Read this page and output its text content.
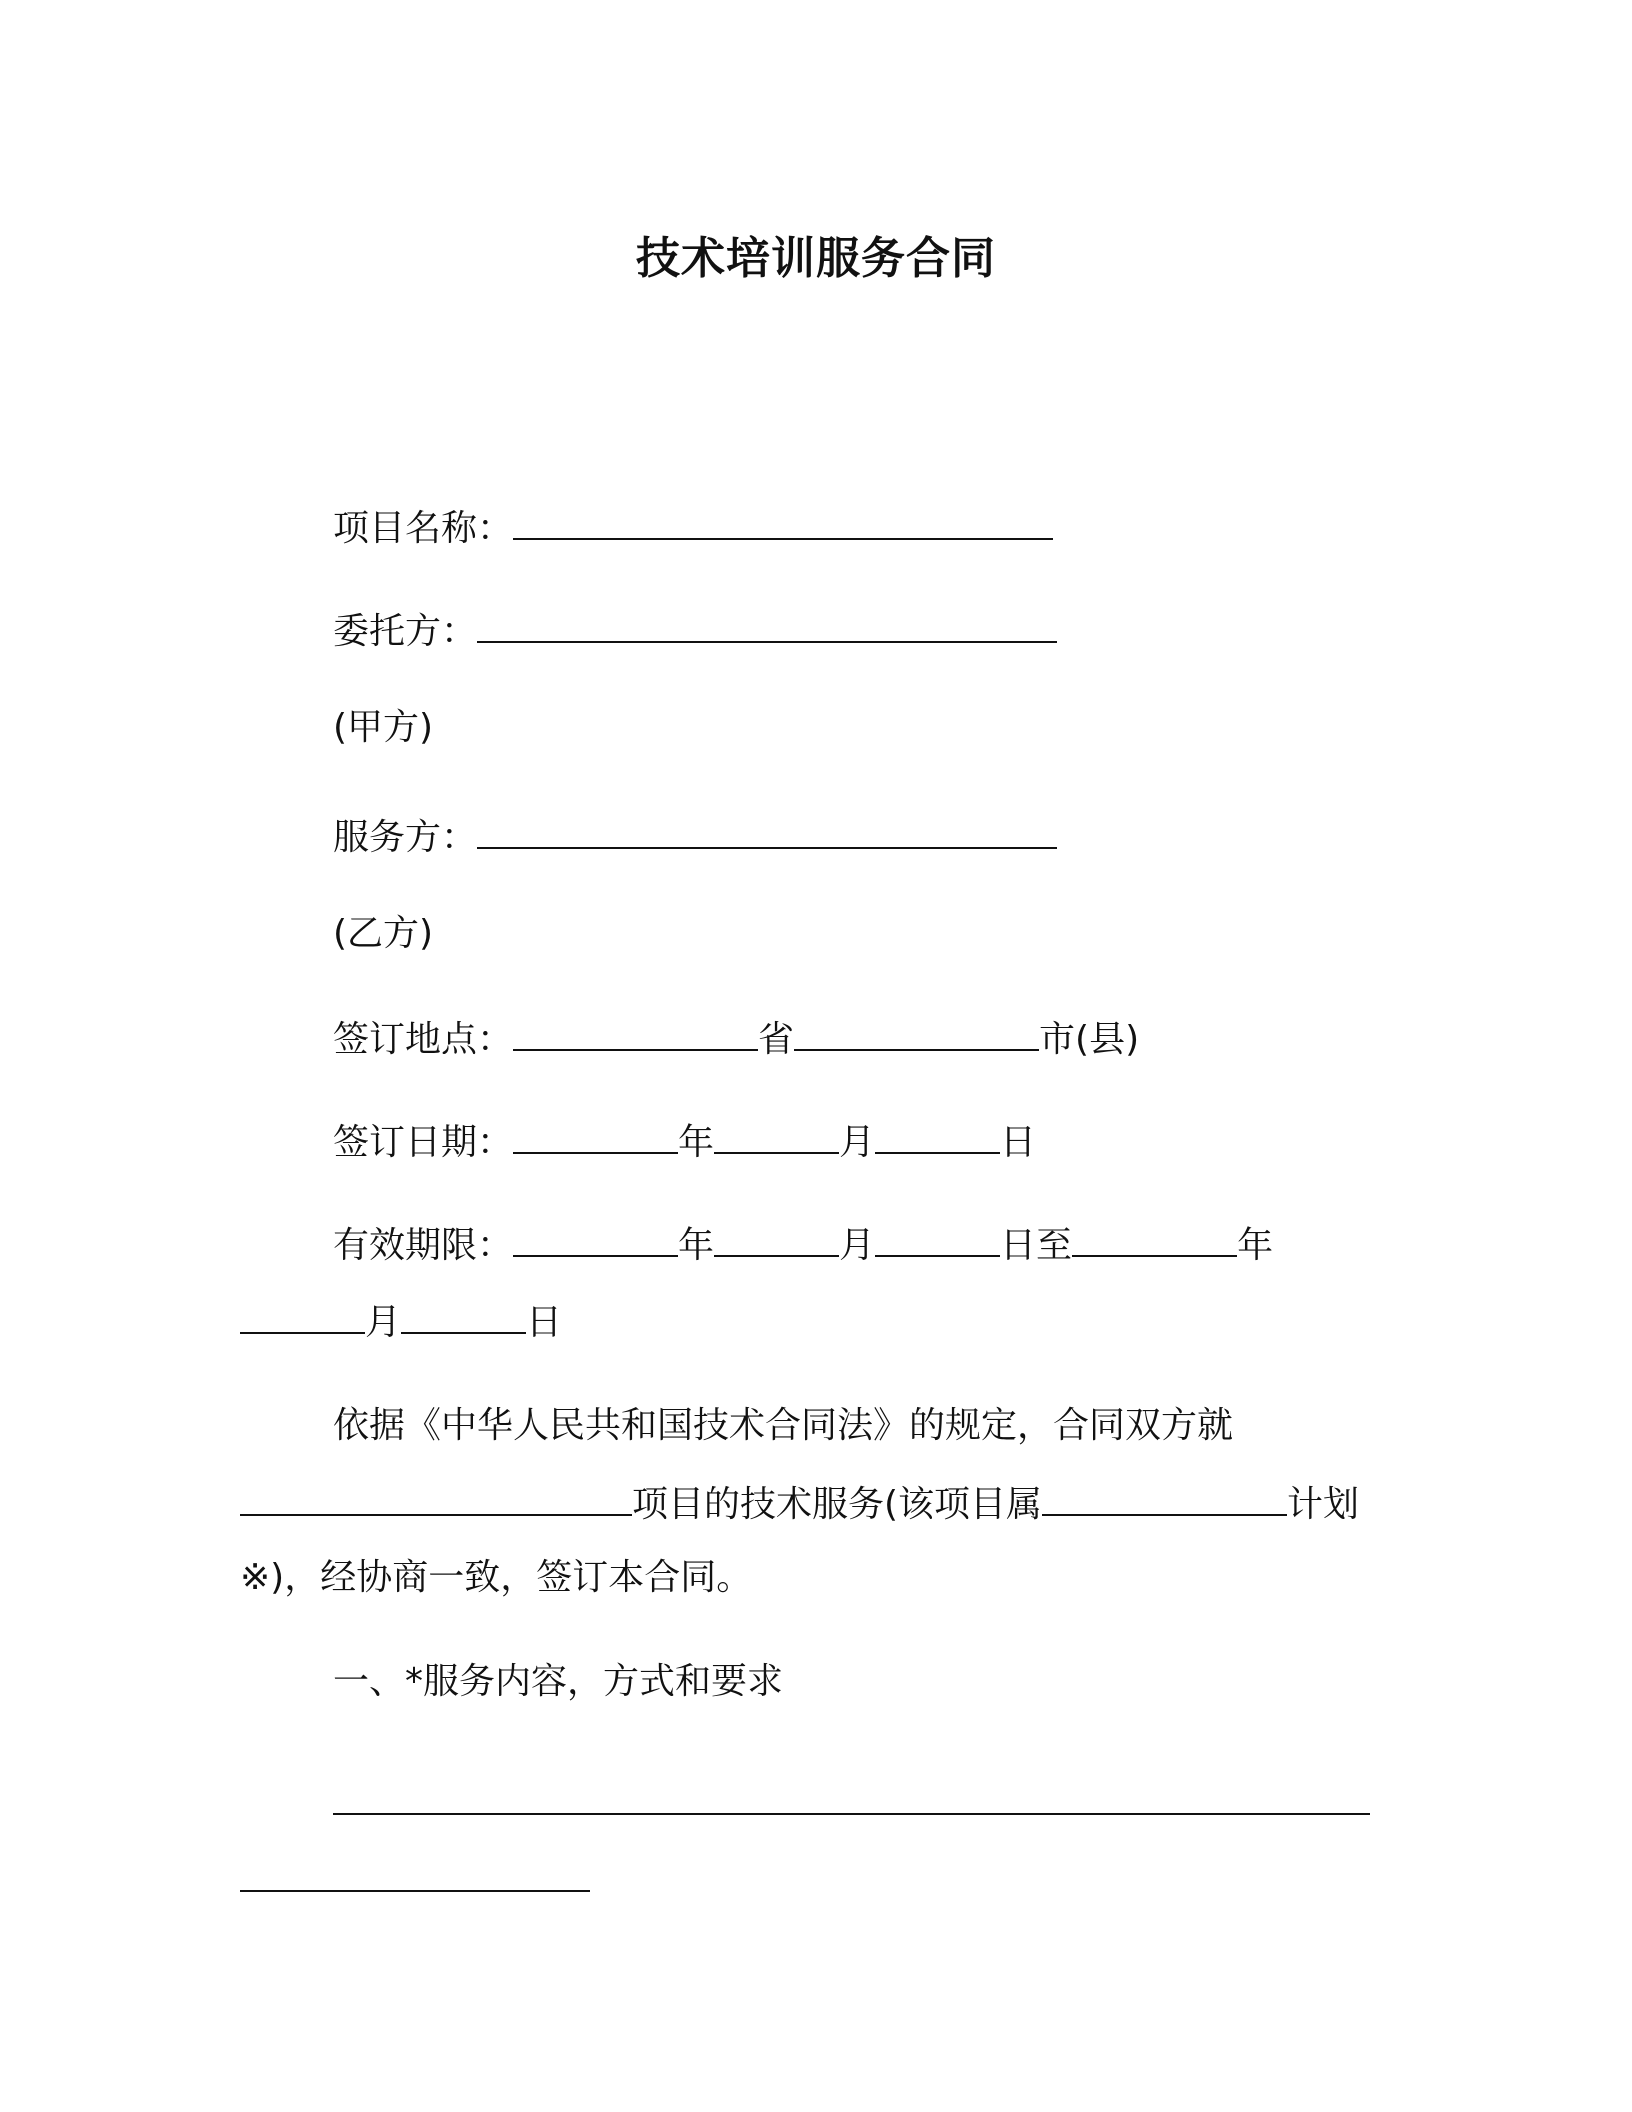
技术培训服务合同
项目名称：
委托方：
(甲方)
服务方：
(乙方)
签订地点：	省	市(县)
签订日期：	年	月	日
有效期限：	年	月	日至	年
月	日
依据《中华人民共和国技术合同法》的规定，合同双方就
项目的技术服务(该项目属	计划
※)，经协商一致，签订本合同。
一、*服务内容，方式和要求
